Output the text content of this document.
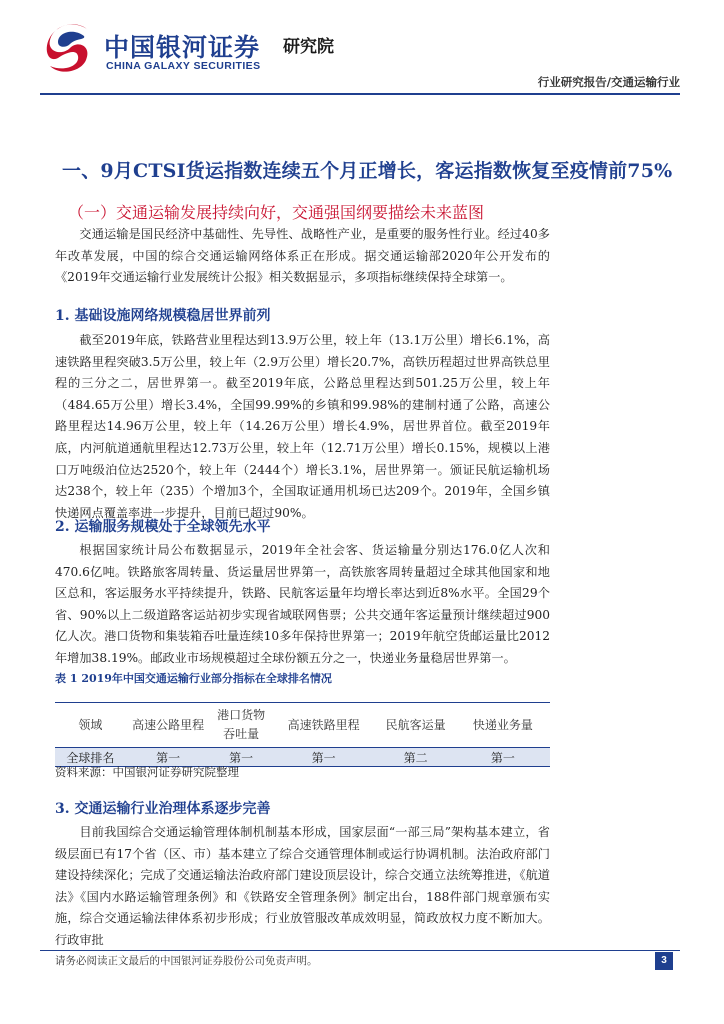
中国银河证券
CHINA GALAXY SECURITIES
研究院
行业研究报告/交通运输行业
一、9月CTSI货运指数连续五个月正增长，客运指数恢复至疫情前75%
（一）交通运输发展持续向好，交通强国纲要描绘未来蓝图
交通运输是国民经济中基础性、先导性、战略性产业，是重要的服务性行业。经过40多年改革发展，中国的综合交通运输网络体系正在形成。据交通运输部2020年公开发布的《2019年交通运输行业发展统计公报》相关数据显示，多项指标继续保持全球第一。
1. 基础设施网络规模稳居世界前列
截至2019年底，铁路营业里程达到13.9万公里，较上年（13.1万公里）增长6.1%，高速铁路里程突破3.5万公里，较上年（2.9万公里）增长20.7%，高铁历程超过世界高铁总里程的三分之二，居世界第一。截至2019年底，公路总里程达到501.25万公里，较上年（484.65万公里）增长3.4%，全国99.99%的乡镇和99.98%的建制村通了公路，高速公路里程达14.96万公里，较上年（14.26万公里）增长4.9%，居世界首位。截至2019年底，内河航道通航里程达12.73万公里，较上年（12.71万公里）增长0.15%，规模以上港口万吨级泊位达2520个，较上年（2444个）增长3.1%，居世界第一。颁证民航运输机场达238个，较上年（235）个增加3个，全国取证通用机场已达209个。2019年，全国乡镇快递网点覆盖率进一步提升，目前已超过90%。
2. 运输服务规模处于全球领先水平
根据国家统计局公布数据显示，2019年全社会客、货运输量分别达176.0亿人次和470.6亿吨。铁路旅客周转量、货运量居世界第一，高铁旅客周转量超过全球其他国家和地区总和，客运服务水平持续提升，铁路、民航客运量年均增长率达到近8%水平。全国29个省、90%以上二级道路客运站初步实现省域联网售票；公共交通年客运量预计继续超过900亿人次。港口货物和集装箱吞吐量连续10多年保持世界第一；2019年航空货邮运量比2012年增加38.19%。邮政业市场规模超过全球份额五分之一，快递业务量稳居世界第一。
表 1 2019年中国交通运输行业部分指标在全球排名情况
领域	高速公路里程	港口货物吞吐量	高速铁路里程	民航客运量	快递业务量
全球排名	第一	第一	第一	第二	第一
资料来源：中国银河证券研究院整理
3. 交通运输行业治理体系逐步完善
目前我国综合交通运输管理体制机制基本形成，国家层面“一部三局”架构基本建立，省级层面已有17个省（区、市）基本建立了综合交通管理体制或运行协调机制。法治政府部门建设持续深化；完成了交通运输法治政府部门建设顶层设计，综合交通立法统筹推进，《航道法》《国内水路运输管理条例》和《铁路安全管理条例》制定出台，188件部门规章颁布实施，综合交通运输法律体系初步形成；行业放管服改革成效明显，简政放权力度不断加大。行政审批
请务必阅读正文最后的中国银河证券股份公司免责声明。	3
